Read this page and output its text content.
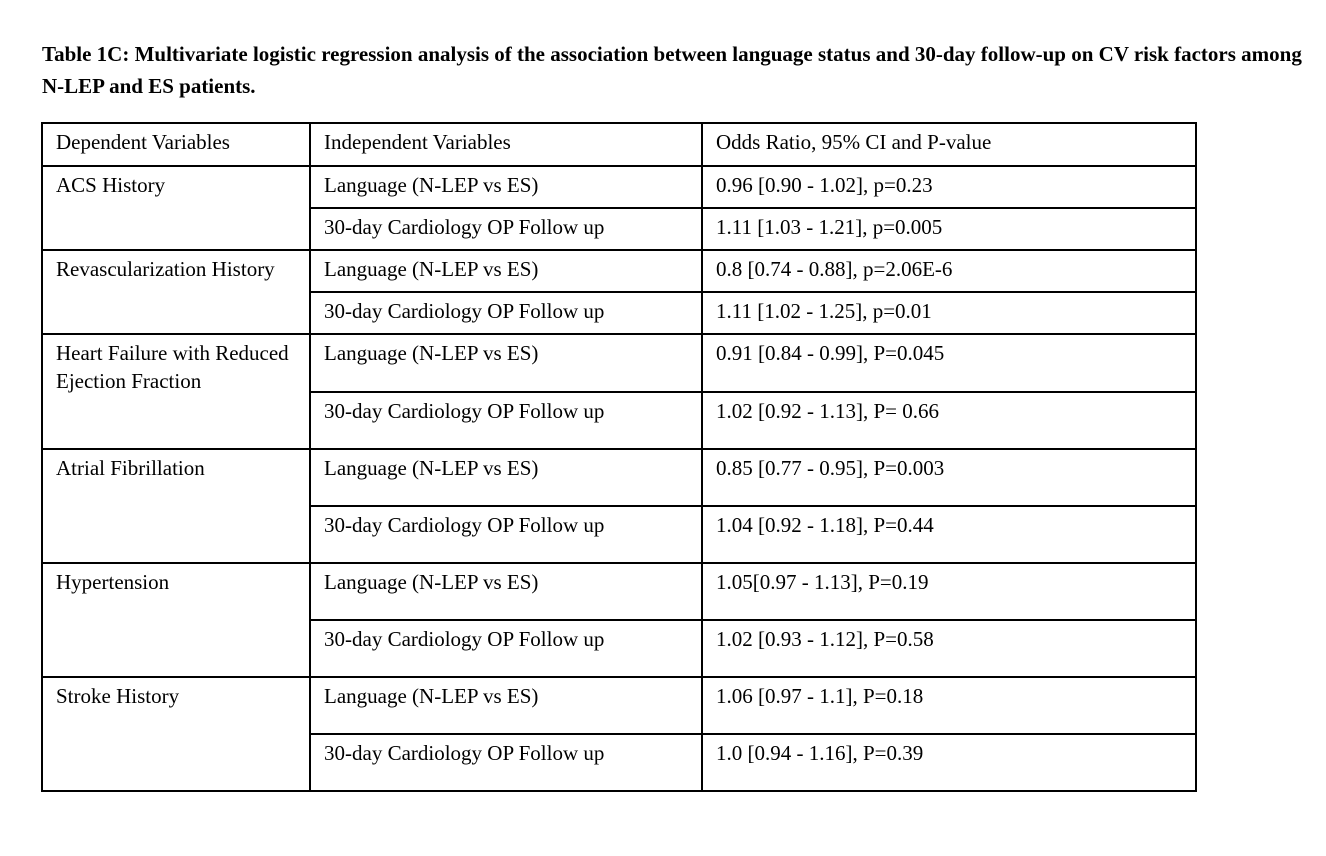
Table 1C: Multivariate logistic regression analysis of the association between language status and 30-day follow-up on CV risk factors among N-LEP and ES patients.
Dependent Variables	Independent Variables	Odds Ratio, 95% CI and P-value
ACS History	Language (N-LEP vs ES)	0.96 [0.90 - 1.02], p=0.23
	30-day Cardiology OP Follow up	1.11 [1.03 - 1.21], p=0.005
Revascularization History	Language (N-LEP vs ES)	0.8 [0.74 - 0.88], p=2.06E-6
	30-day Cardiology OP Follow up	1.11 [1.02 - 1.25], p=0.01
Heart Failure with Reduced Ejection Fraction	Language (N-LEP vs ES)	0.91 [0.84 - 0.99], P=0.045
	30-day Cardiology OP Follow up	1.02 [0.92 - 1.13], P= 0.66
Atrial Fibrillation	Language (N-LEP vs ES)	0.85 [0.77 - 0.95], P=0.003
	30-day Cardiology OP Follow up	1.04 [0.92 - 1.18], P=0.44
Hypertension	Language (N-LEP vs ES)	1.05[0.97 - 1.13], P=0.19
	30-day Cardiology OP Follow up	1.02 [0.93 - 1.12], P=0.58
Stroke History	Language (N-LEP vs ES)	1.06 [0.97 - 1.1], P=0.18
	30-day Cardiology OP Follow up	1.0 [0.94 - 1.16], P=0.39
